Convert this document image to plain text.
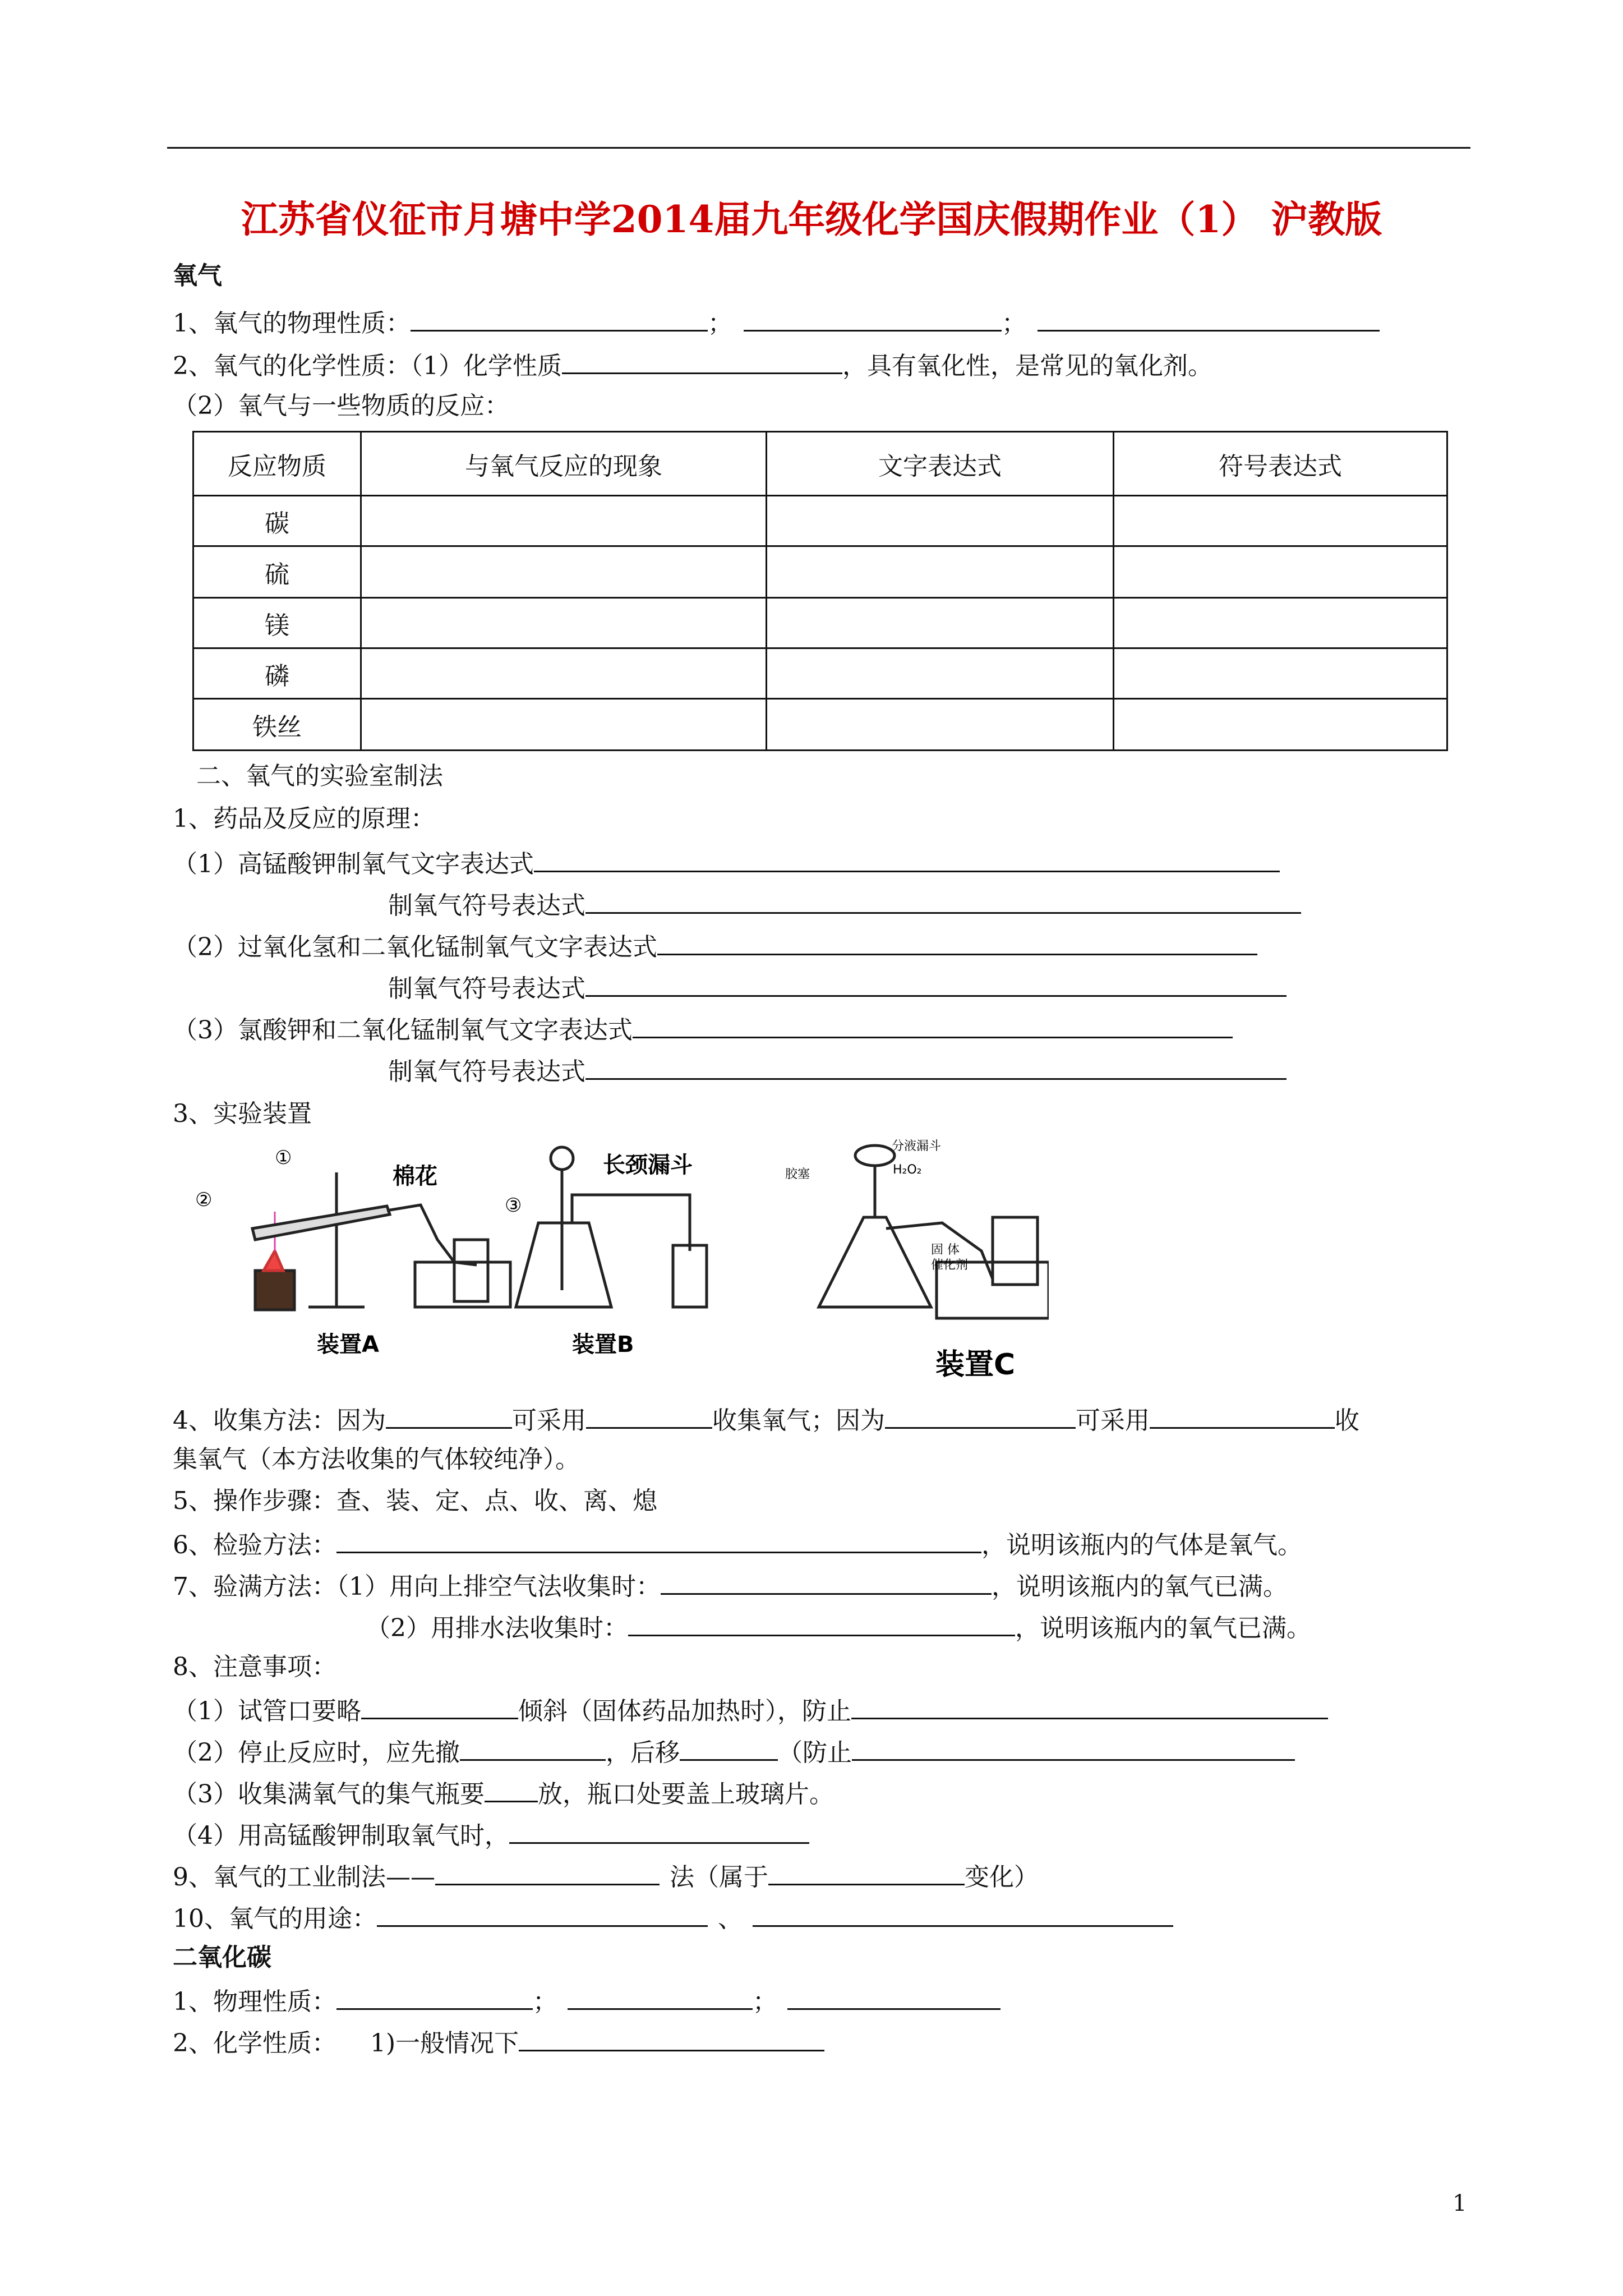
江苏省仪征市月塘中学2014届九年级化学国庆假期作业（1） 沪教版
氧气
1、氧气的物理性质：	；	；
2、氧气的化学性质：（1）化学性质	，具有氧化性，是常见的氧化剂。
（2）氧气与一些物质的反应：
反应物质	与氧气反应的现象	文字表达式	符号表达式
碳			
硫			
镁			
磷			
铁丝			
二、氧气的实验室制法
1、药品及反应的原理：
（1）高锰酸钾制氧气文字表达式
制氧气符号表达式
（2）过氧化氢和二氧化锰制氧气文字表达式
制氧气符号表达式
（3）氯酸钾和二氧化锰制氧气文字表达式
制氧气符号表达式
3、实验装置
①
②	③
棉花
装置A
长颈漏斗
装置B
分液漏斗
胶塞	H₂O₂
固 体
催化剂
装置C
4、收集方法：因为	可采用	收集氧气；因为	可采用	收
集氧气（本方法收集的气体较纯净）。
5、操作步骤：查、装、定、点、收、离、熄
6、检验方法：	，说明该瓶内的气体是氧气。
7、验满方法：（1）用向上排空气法收集时：	，说明该瓶内的氧气已满。
（2）用排水法收集时：	，说明该瓶内的氧气已满。
8、注意事项：
（1）试管口要略	倾斜（固体药品加热时），防止
（2）停止反应时，应先撤	，后移	（防止
（3）收集满氧气的集气瓶要 放，瓶口处要盖上玻璃片。
（4）用高锰酸钾制取氧气时，
9、氧气的工业制法——	法（属于	变化）
10、氧气的用途：	、
二氧化碳
1、物理性质：	；	；
2、化学性质： 1)一般情况下
1
